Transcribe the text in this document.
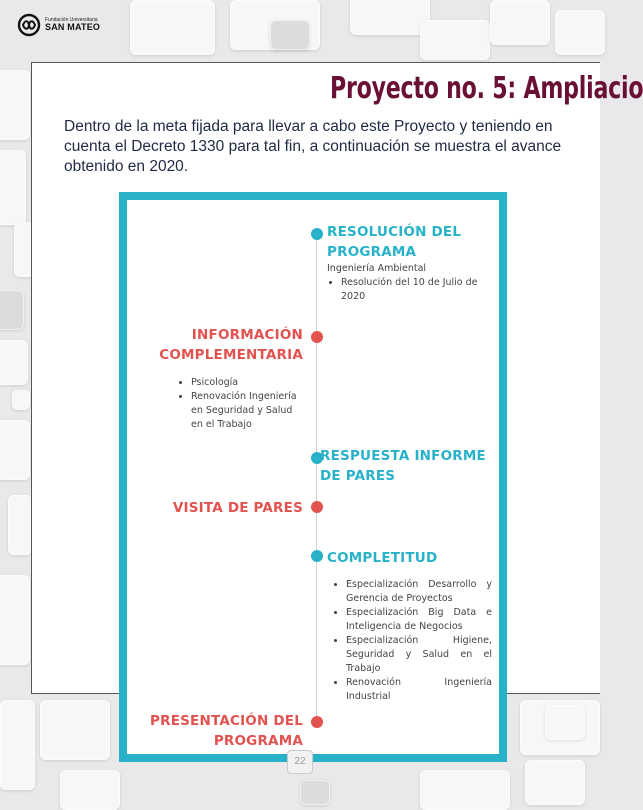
Fundación Universitaria
SAN MATEO
Proyecto no. 5: Ampliacio
Dentro de la meta fijada para llevar a cabo este Proyecto y teniendo en cuenta el Decreto 1330 para tal fin, a continuación se muestra el avance obtenido en 2020.
RESOLUCIÓN DEL
PROGRAMA
Ingeniería Ambiental
• Resolución del 10 de Julio de 2020
INFORMACIÓN
COMPLEMENTARIA
• Psicología
• Renovación Ingeniería en Seguridad y Salud en el Trabajo
RESPUESTA INFORME
DE PARES
VISITA DE PARES
COMPLETITUD
• Especialización Desarrollo y Gerencia de Proyectos
• Especialización Big Data e Inteligencia de Negocios
• Especialización Higiene, Seguridad y Salud en el Trabajo
• Renovación Ingeniería Industrial
PRESENTACIÓN DEL
PROGRAMA
22
